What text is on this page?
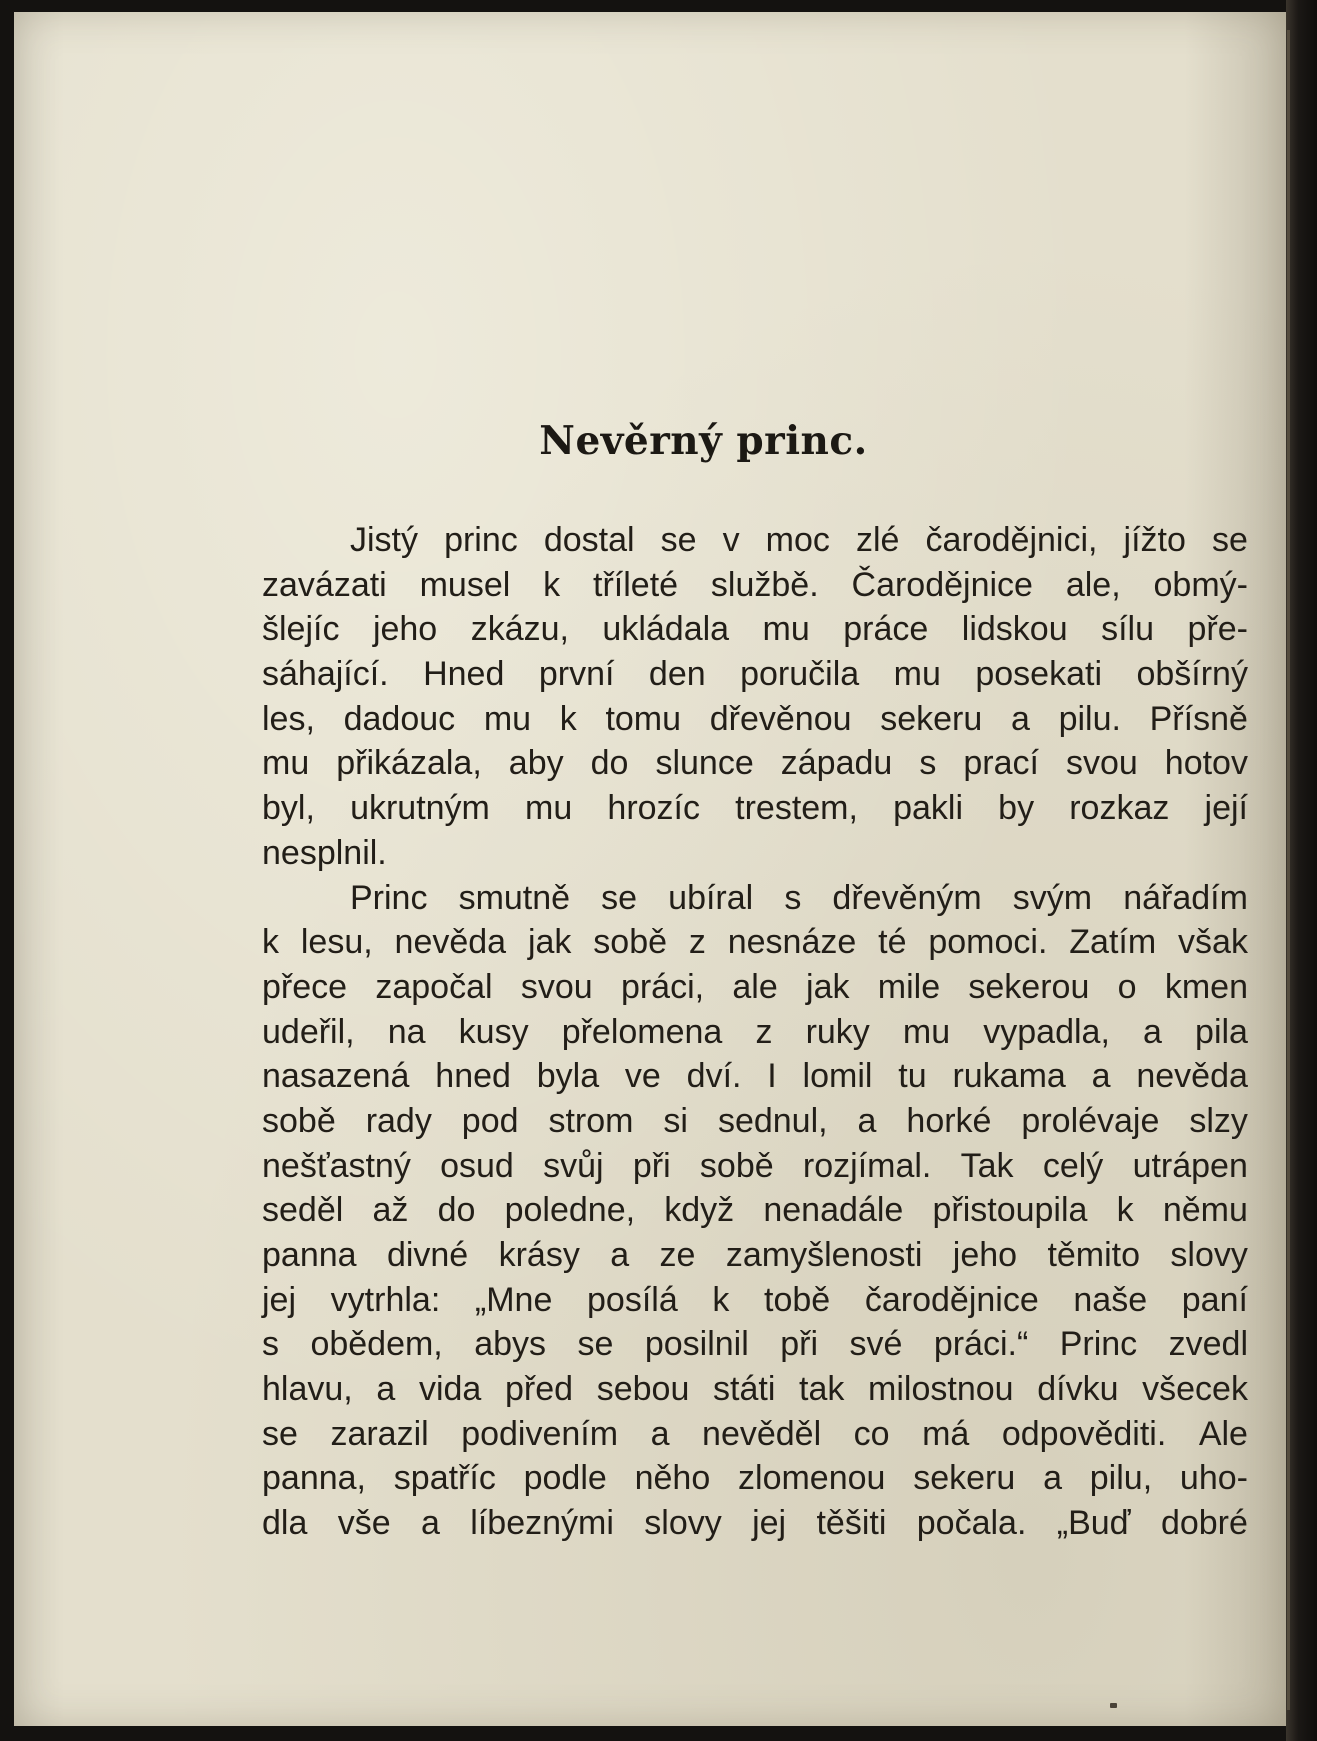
Nevěrný princ.
Jistý princ dostal se v moc zlé čarodějnici, jížto se
zavázati musel k tříleté službě. Čarodějnice ale, obmý-
šlejíc jeho zkázu, ukládala mu práce lidskou sílu pře-
sáhající. Hned první den poručila mu posekati obšírný
les, dadouc mu k tomu dřevěnou sekeru a pilu. Přísně
mu přikázala, aby do slunce západu s prací svou hotov
byl, ukrutným mu hrozíc trestem, pakli by rozkaz její
nesplnil.
Princ smutně se ubíral s dřevěným svým nářadím
k lesu, nevěda jak sobě z nesnáze té pomoci. Zatím však
přece započal svou práci, ale jak mile sekerou o kmen
udeřil, na kusy přelomena z ruky mu vypadla, a pila
nasazená hned byla ve dví. I lomil tu rukama a nevěda
sobě rady pod strom si sednul, a horké prolévaje slzy
nešťastný osud svůj při sobě rozjímal. Tak celý utrápen
seděl až do poledne, když nenadále přistoupila k němu
panna divné krásy a ze zamyšlenosti jeho těmito slovy
jej vytrhla: „Mne posílá k tobě čarodějnice naše paní
s obědem, abys se posilnil při své práci.“ Princ zvedl
hlavu, a vida před sebou státi tak milostnou dívku všecek
se zarazil podivením a nevěděl co má odpověditi. Ale
panna, spatříc podle něho zlomenou sekeru a pilu, uho-
dla vše a líbeznými slovy jej těšiti počala. „Buď dobré
